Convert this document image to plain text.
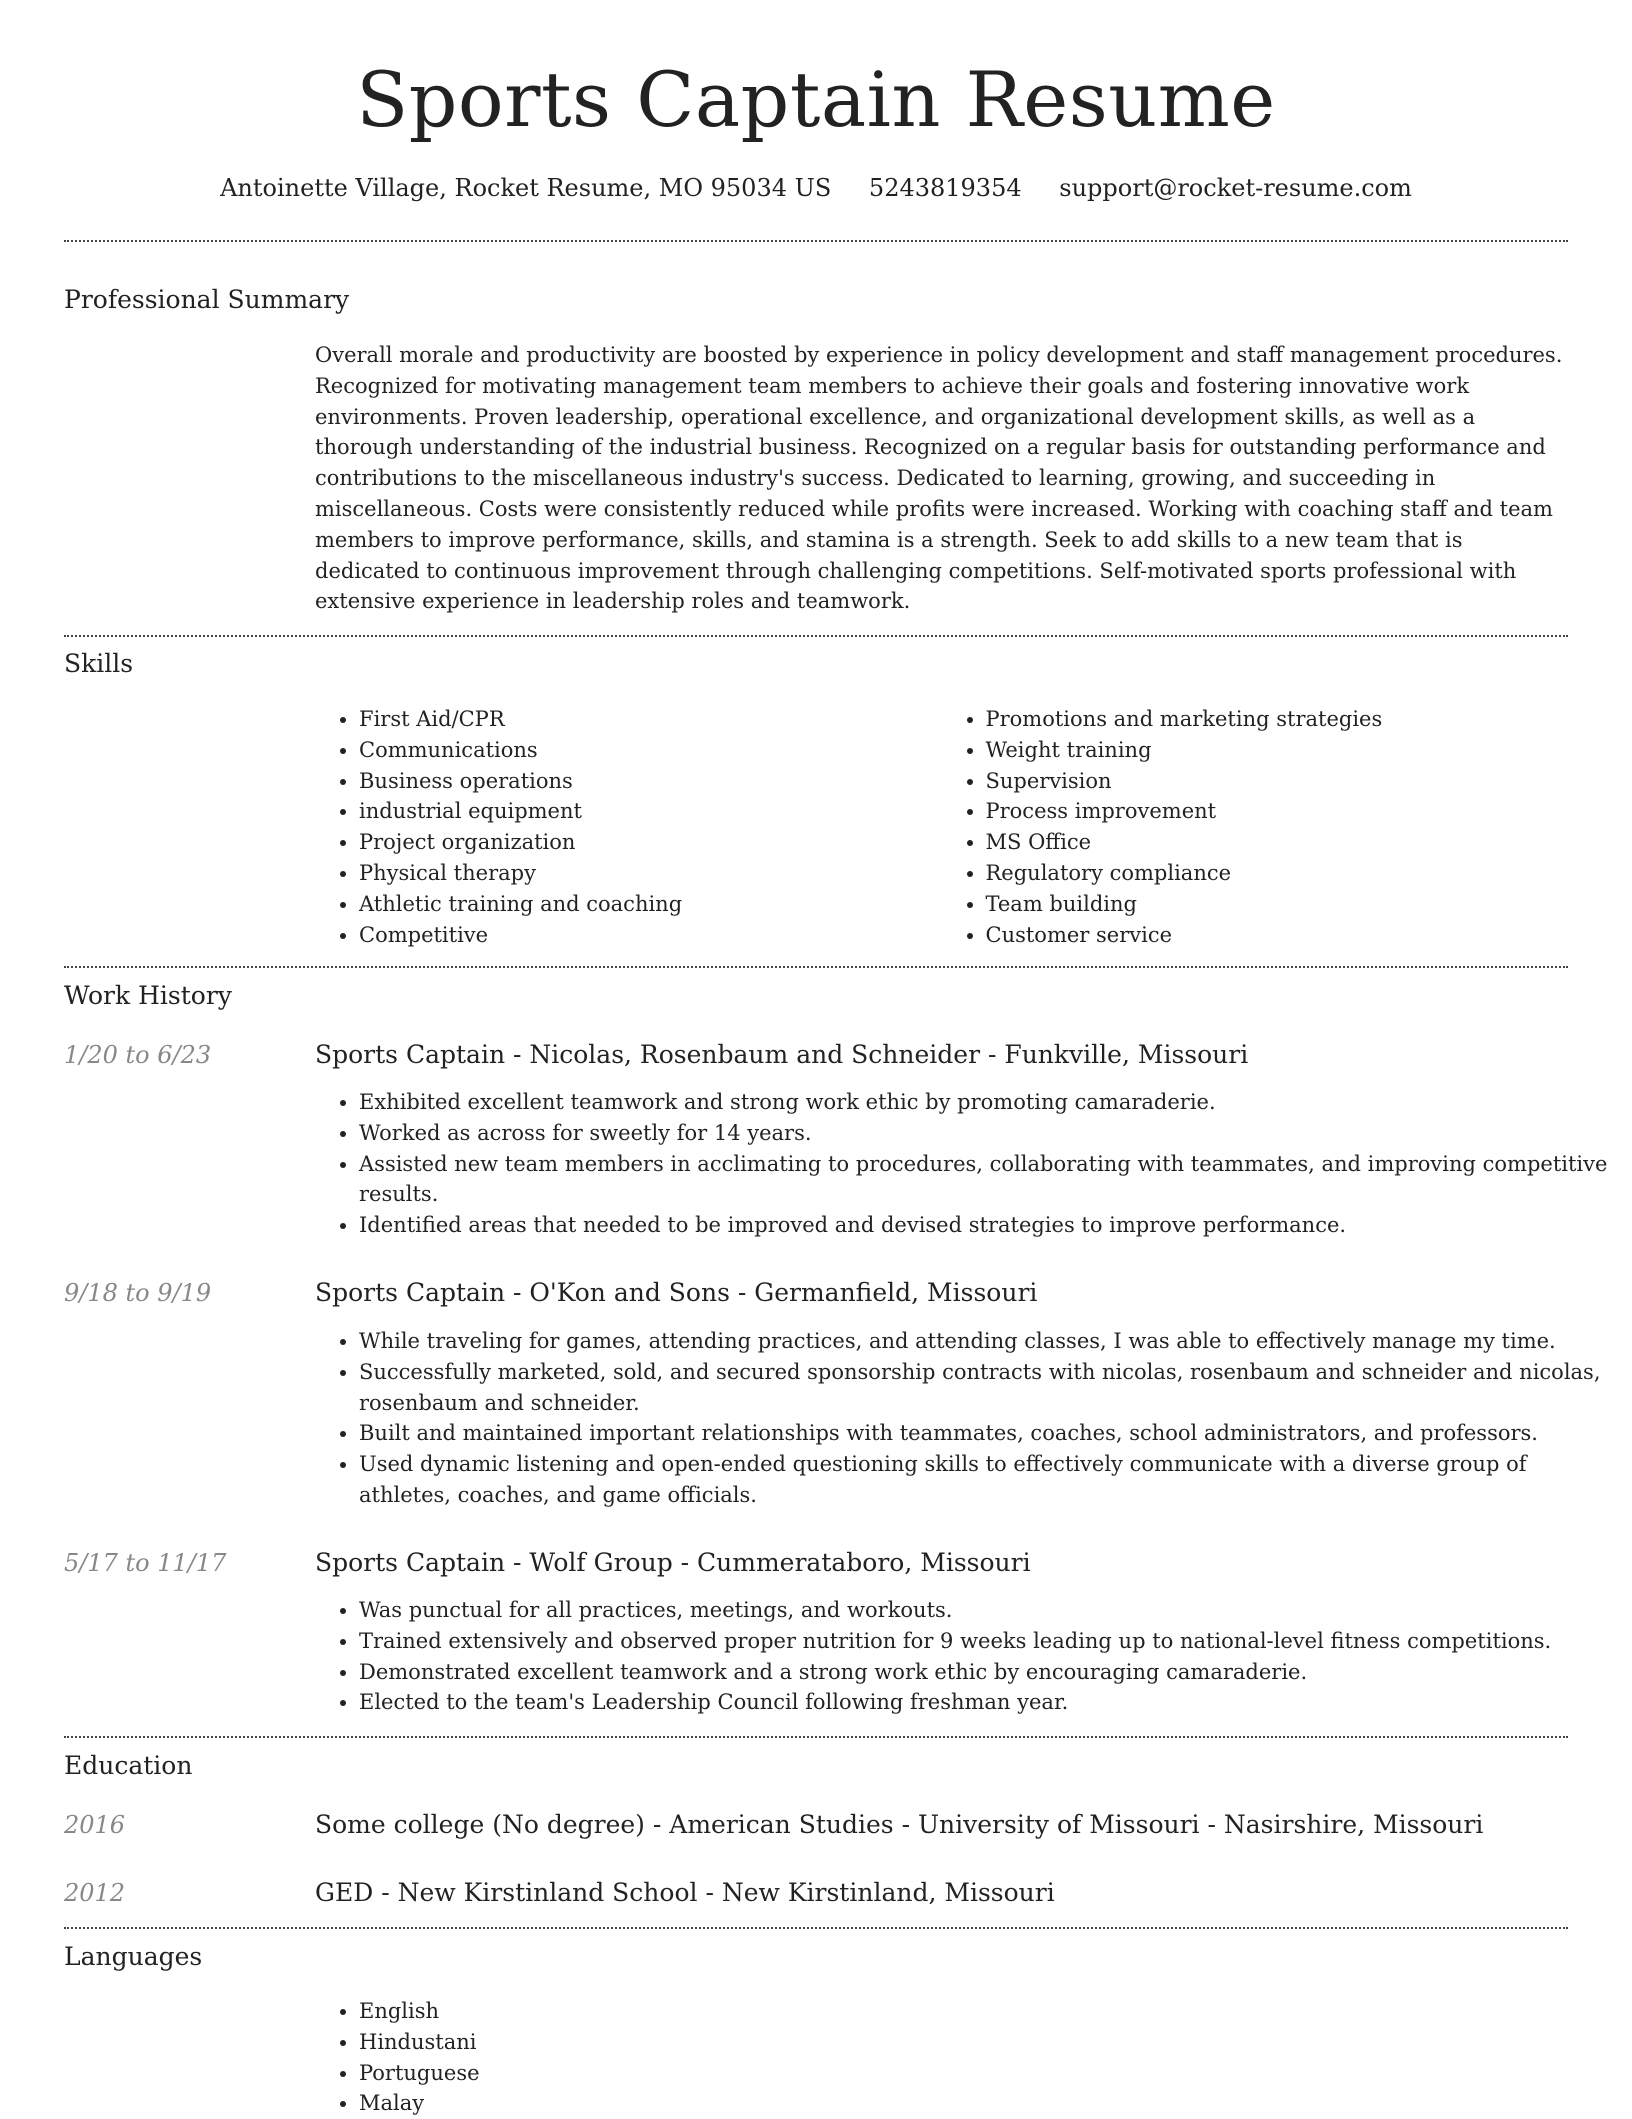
Sports Captain Resume
Antoinette Village, Rocket Resume, MO 95034 US 5243819354 support@rocket-resume.com
Professional Summary

Overall morale and productivity are boosted by experience in policy development and staff management procedures. Recognized for motivating management team members to achieve their goals and fostering innovative work environments. Proven leadership, operational excellence, and organizational development skills, as well as a thorough understanding of the industrial business. Recognized on a regular basis for outstanding performance and contributions to the miscellaneous industry's success. Dedicated to learning, growing, and succeeding in miscellaneous. Costs were consistently reduced while profits were increased. Working with coaching staff and team members to improve performance, skills, and stamina is a strength. Seek to add skills to a new team that is dedicated to continuous improvement through challenging competitions. Self-motivated sports professional with extensive experience in leadership roles and teamwork.

Skills
• First Aid/CPR
• Communications
• Business operations
• industrial equipment
• Project organization
• Physical therapy
• Athletic training and coaching
• Competitive
• Promotions and marketing strategies
• Weight training
• Supervision
• Process improvement
• MS Office
• Regulatory compliance
• Team building
• Customer service
Work History
1/20 to 6/23	Sports Captain - Nicolas, Rosenbaum and Schneider - Funkville, Missouri
• Exhibited excellent teamwork and strong work ethic by promoting camaraderie.
• Worked as across for sweetly for 14 years.
• Assisted new team members in acclimating to procedures, collaborating with teammates, and improving competitive results.
• Identified areas that needed to be improved and devised strategies to improve performance.
9/18 to 9/19	Sports Captain - O'Kon and Sons - Germanfield, Missouri
• While traveling for games, attending practices, and attending classes, I was able to effectively manage my time.
• Successfully marketed, sold, and secured sponsorship contracts with nicolas, rosenbaum and schneider and nicolas, rosenbaum and schneider.
• Built and maintained important relationships with teammates, coaches, school administrators, and professors.
• Used dynamic listening and open-ended questioning skills to effectively communicate with a diverse group of athletes, coaches, and game officials.
5/17 to 11/17	Sports Captain - Wolf Group - Cummerataboro, Missouri
• Was punctual for all practices, meetings, and workouts.
• Trained extensively and observed proper nutrition for 9 weeks leading up to national-level fitness competitions.
• Demonstrated excellent teamwork and a strong work ethic by encouraging camaraderie.
• Elected to the team's Leadership Council following freshman year.
Education
2016	Some college (No degree) - American Studies - University of Missouri - Nasirshire, Missouri
2012	GED - New Kirstinland School - New Kirstinland, Missouri
Languages
• English
• Hindustani
• Portuguese
• Malay
